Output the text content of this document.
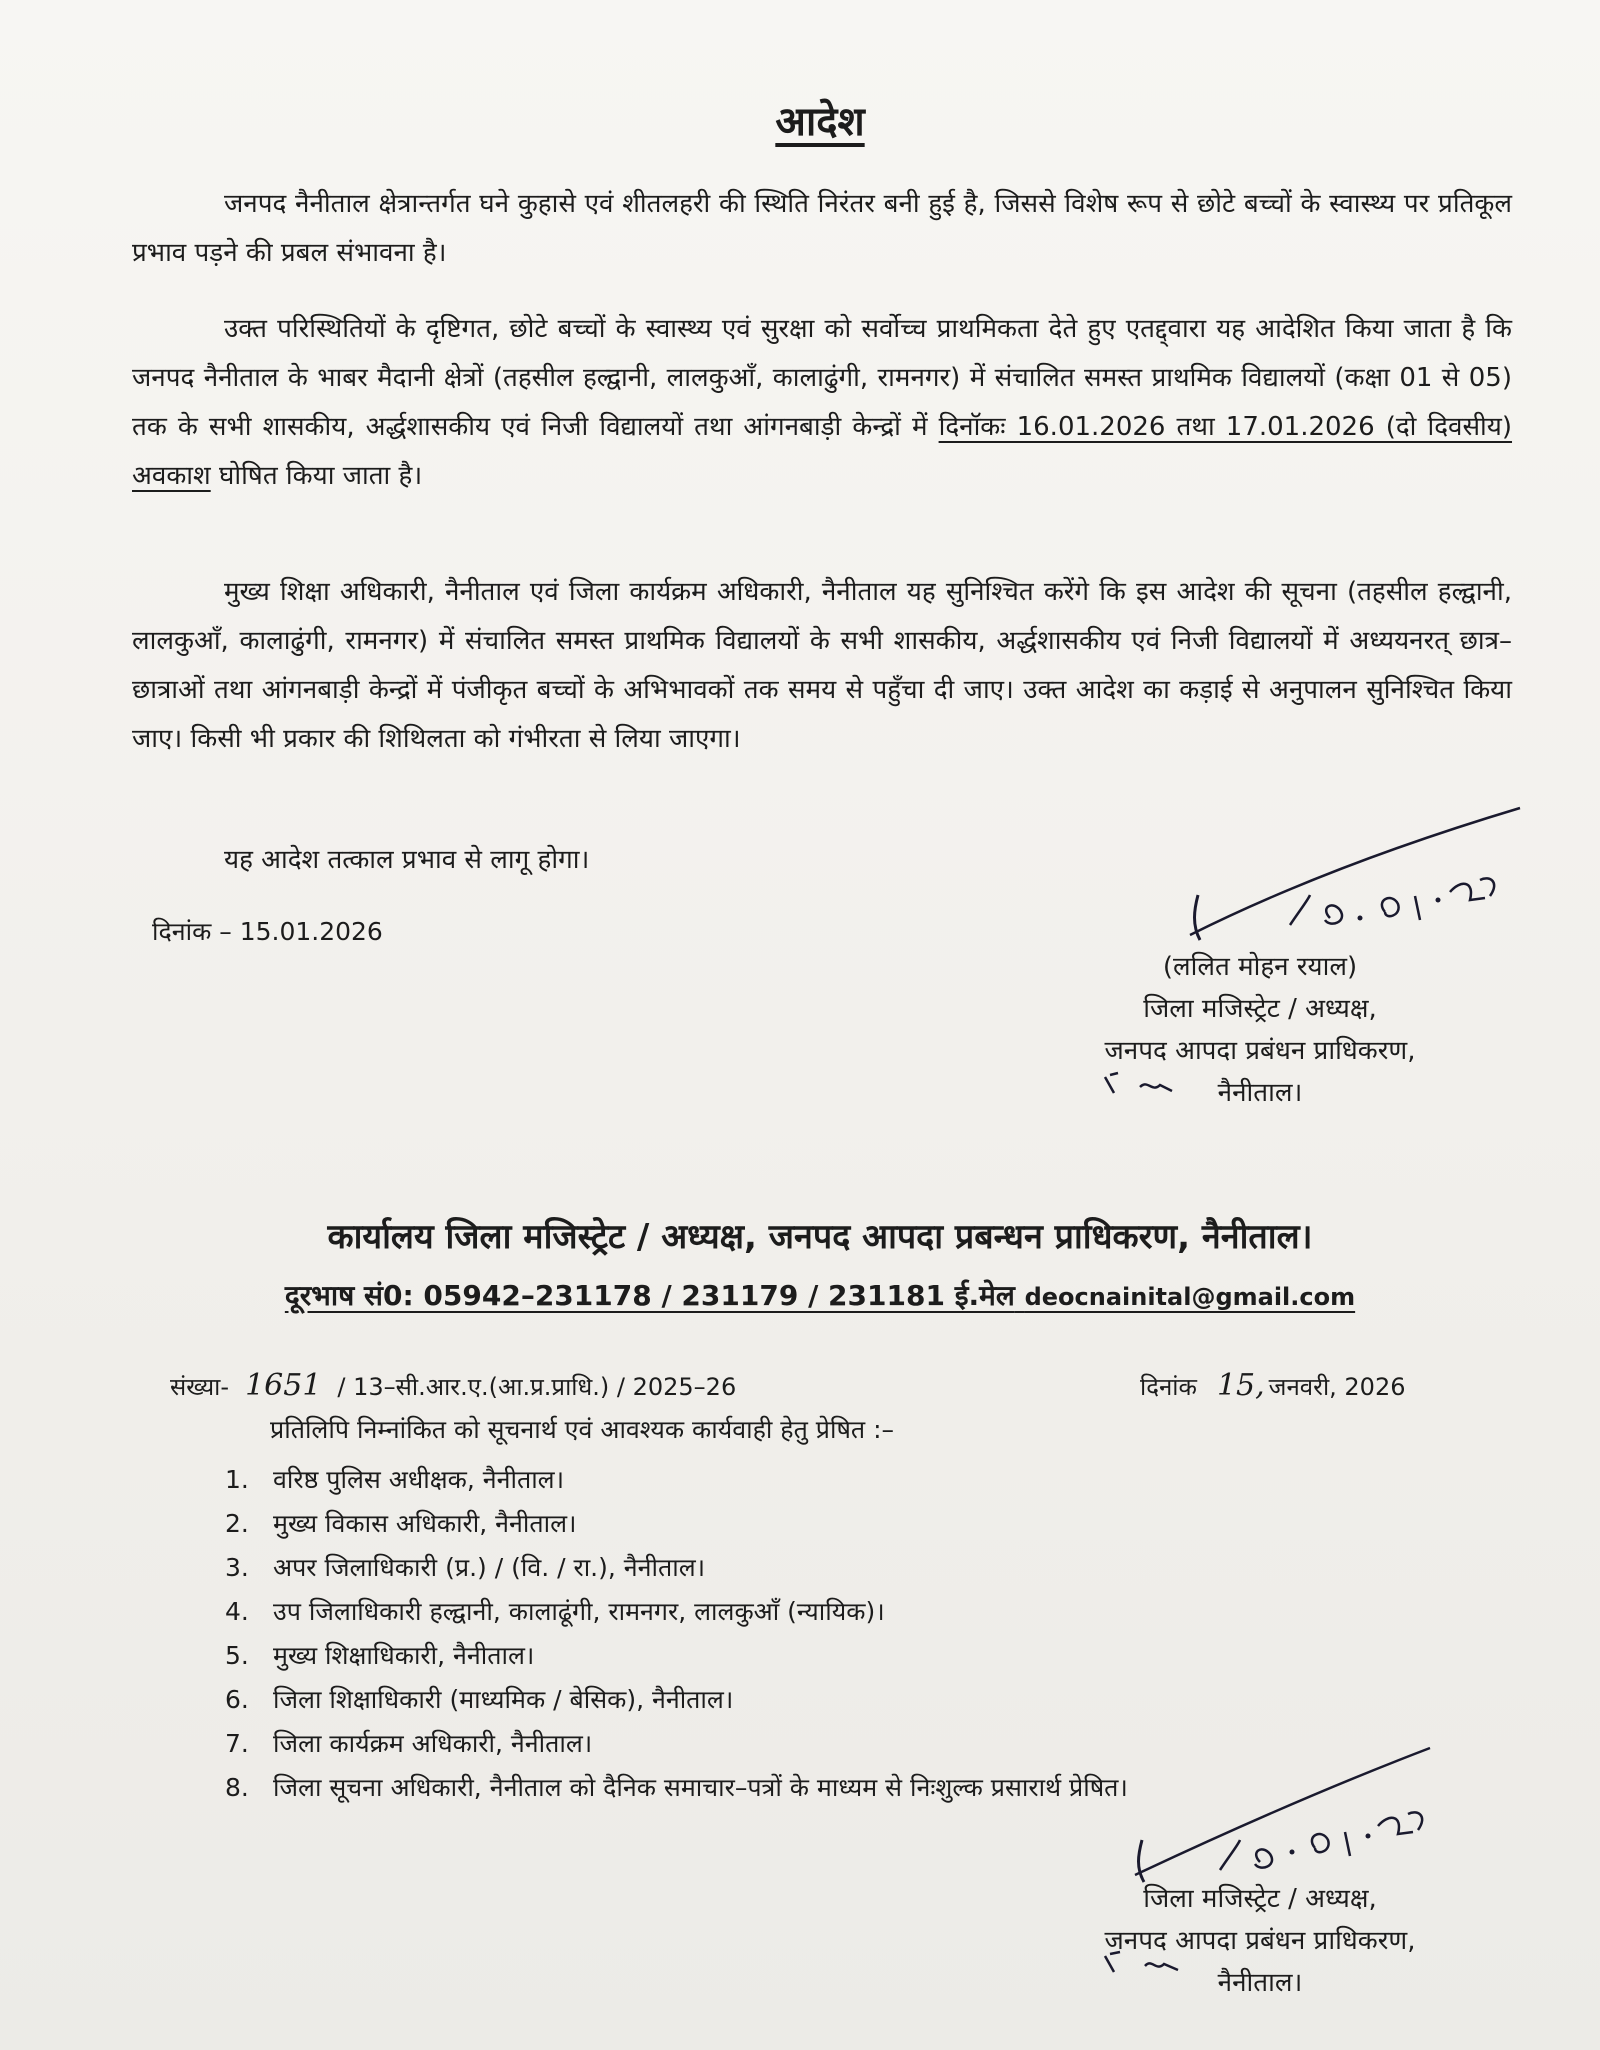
आदेश

जनपद नैनीताल क्षेत्रान्तर्गत घने कुहासे एवं शीतलहरी की स्थिति निरंतर बनी हुई है, जिससे विशेष रूप से छोटे बच्चों के स्वास्थ्य पर प्रतिकूल प्रभाव पड़ने की प्रबल संभावना है।

उक्त परिस्थितियों के दृष्टिगत, छोटे बच्चों के स्वास्थ्य एवं सुरक्षा को सर्वोच्च प्राथमिकता देते हुए एतद्द्वारा यह आदेशित किया जाता है कि जनपद नैनीताल के भाबर मैदानी क्षेत्रों (तहसील हल्द्वानी, लालकुऑं, कालाढुंगी, रामनगर) में संचालित समस्त प्राथमिक विद्यालयों (कक्षा 01 से 05) तक के सभी शासकीय, अर्द्धशासकीय एवं निजी विद्यालयों तथा आंगनबाड़ी केन्द्रों में दिनॉकः 16.01.2026 तथा 17.01.2026 (दो दिवसीय) अवकाश घोषित किया जाता है।

मुख्य शिक्षा अधिकारी, नैनीताल एवं जिला कार्यक्रम अधिकारी, नैनीताल यह सुनिश्चित करेंगे कि इस आदेश की सूचना (तहसील हल्द्वानी, लालकुऑं, कालाढुंगी, रामनगर) में संचालित समस्त प्राथमिक विद्यालयों के सभी शासकीय, अर्द्धशासकीय एवं निजी विद्यालयों में अध्ययनरत् छात्र–छात्राओं तथा आंगनबाड़ी केन्द्रों में पंजीकृत बच्चों के अभिभावकों तक समय से पहुँचा दी जाए। उक्त आदेश का कड़ाई से अनुपालन सुनिश्चित किया जाए। किसी भी प्रकार की शिथिलता को गंभीरता से लिया जाएगा।

यह आदेश तत्काल प्रभाव से लागू होगा।

दिनांक – 15.01.2026
(ललित मोहन रयाल)
जिला मजिस्ट्रेट / अध्यक्ष,
जनपद आपदा प्रबंधन प्राधिकरण,
नैनीताल।
कार्यालय जिला मजिस्ट्रेट / अध्यक्ष, जनपद आपदा प्रबन्धन प्राधिकरण, नैनीताल।
दूरभाष सं0: 05942–231178 / 231179 / 231181 ई.मेल deocnainital@gmail.com
संख्या- 1651 / 13–सी.आर.ए.(आ.प्र.प्राधि.) / 2025–26	दिनांक 15, जनवरी, 2026
प्रतिलिपि निम्नांकित को सूचनार्थ एवं आवश्यक कार्यवाही हेतु प्रेषित :–
1. वरिष्ठ पुलिस अधीक्षक, नैनीताल।
2. मुख्य विकास अधिकारी, नैनीताल।
3. अपर जिलाधिकारी (प्र.) / (वि. / रा.), नैनीताल।
4. उप जिलाधिकारी हल्द्वानी, कालाढूंगी, रामनगर, लालकुऑं (न्यायिक)।
5. मुख्य शिक्षाधिकारी, नैनीताल।
6. जिला शिक्षाधिकारी (माध्यमिक / बेसिक), नैनीताल।
7. जिला कार्यक्रम अधिकारी, नैनीताल।
8. जिला सूचना अधिकारी, नैनीताल को दैनिक समाचार–पत्रों के माध्यम से निःशुल्क प्रसारार्थ प्रेषित।
जिला मजिस्ट्रेट / अध्यक्ष,
जनपद आपदा प्रबंधन प्राधिकरण,
नैनीताल।
